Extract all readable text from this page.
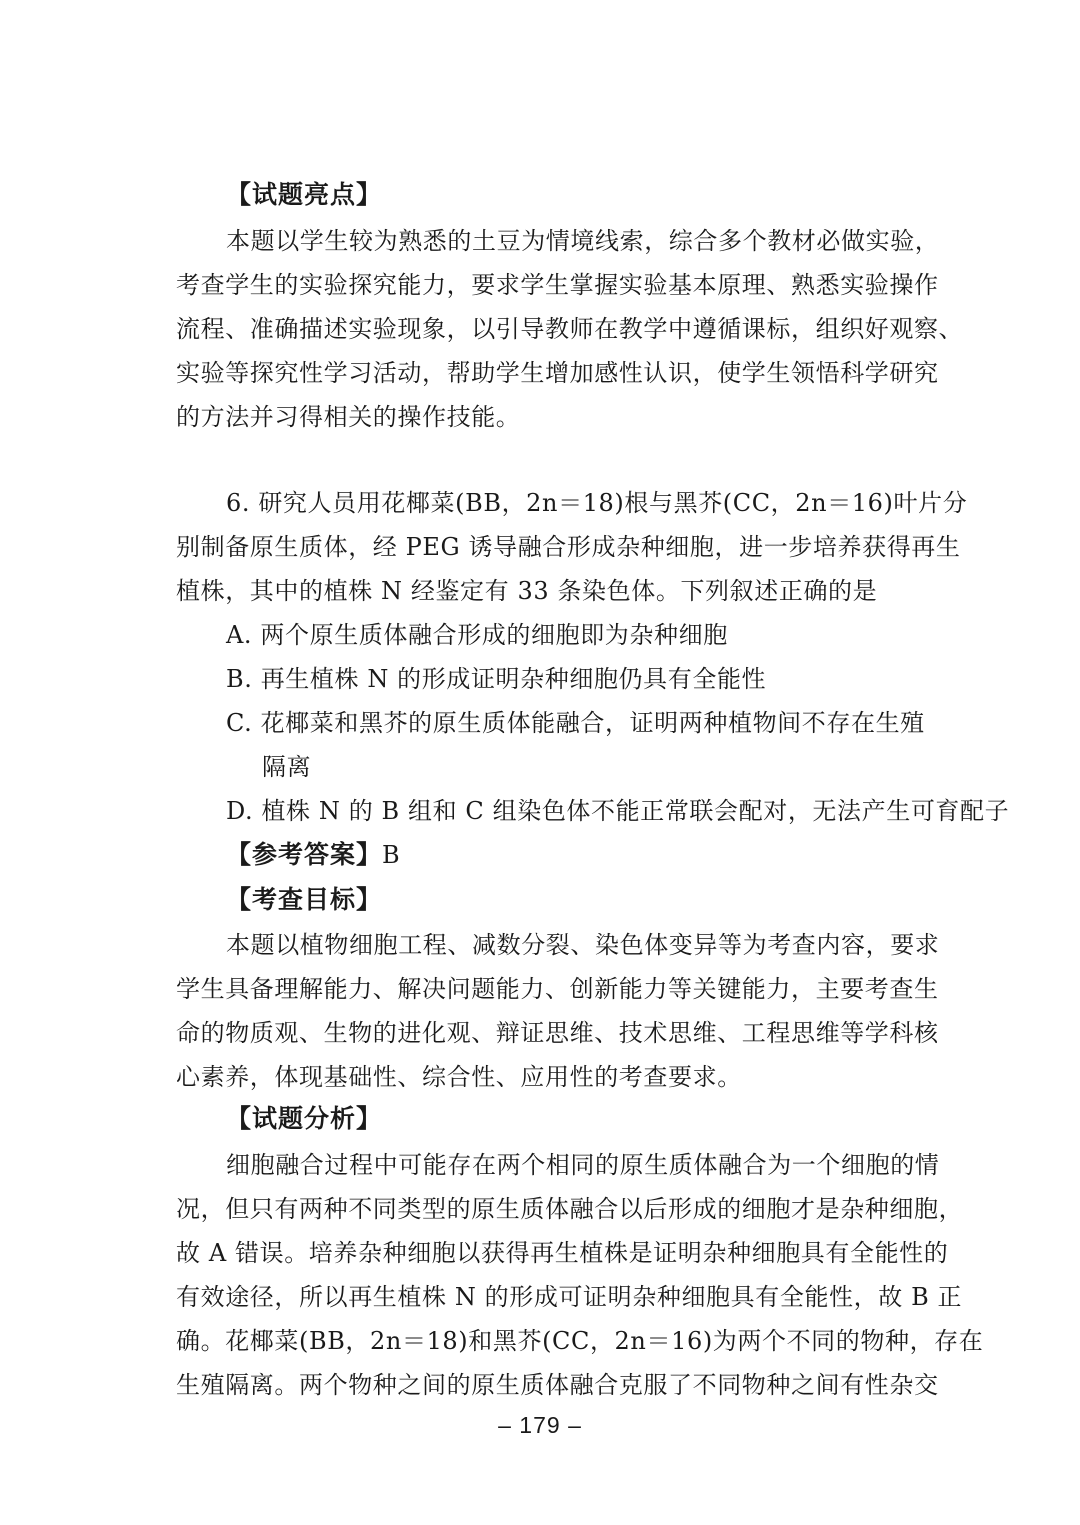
【试题亮点】
本题以学生较为熟悉的土豆为情境线索，综合多个教材必做实验，
考查学生的实验探究能力，要求学生掌握实验基本原理、熟悉实验操作
流程、准确描述实验现象，以引导教师在教学中遵循课标，组织好观察、
实验等探究性学习活动，帮助学生增加感性认识，使学生领悟科学研究
的方法并习得相关的操作技能。
6. 研究人员用花椰菜(BB，2n＝18)根与黑芥(CC，2n＝16)叶片分
别制备原生质体，经 PEG 诱导融合形成杂种细胞，进一步培养获得再生
植株，其中的植株 N 经鉴定有 33 条染色体。下列叙述正确的是
A. 两个原生质体融合形成的细胞即为杂种细胞
B. 再生植株 N 的形成证明杂种细胞仍具有全能性
C. 花椰菜和黑芥的原生质体能融合，证明两种植物间不存在生殖
隔离
D. 植株 N 的 B 组和 C 组染色体不能正常联会配对，无法产生可育配子
【参考答案】B
【考查目标】
本题以植物细胞工程、减数分裂、染色体变异等为考查内容，要求
学生具备理解能力、解决问题能力、创新能力等关键能力，主要考查生
命的物质观、生物的进化观、辩证思维、技术思维、工程思维等学科核
心素养，体现基础性、综合性、应用性的考查要求。
【试题分析】
细胞融合过程中可能存在两个相同的原生质体融合为一个细胞的情
况，但只有两种不同类型的原生质体融合以后形成的细胞才是杂种细胞，
故 A 错误。培养杂种细胞以获得再生植株是证明杂种细胞具有全能性的
有效途径，所以再生植株 N 的形成可证明杂种细胞具有全能性，故 B 正
确。花椰菜(BB，2n＝18)和黑芥(CC，2n＝16)为两个不同的物种，存在
生殖隔离。两个物种之间的原生质体融合克服了不同物种之间有性杂交
– 179 –
